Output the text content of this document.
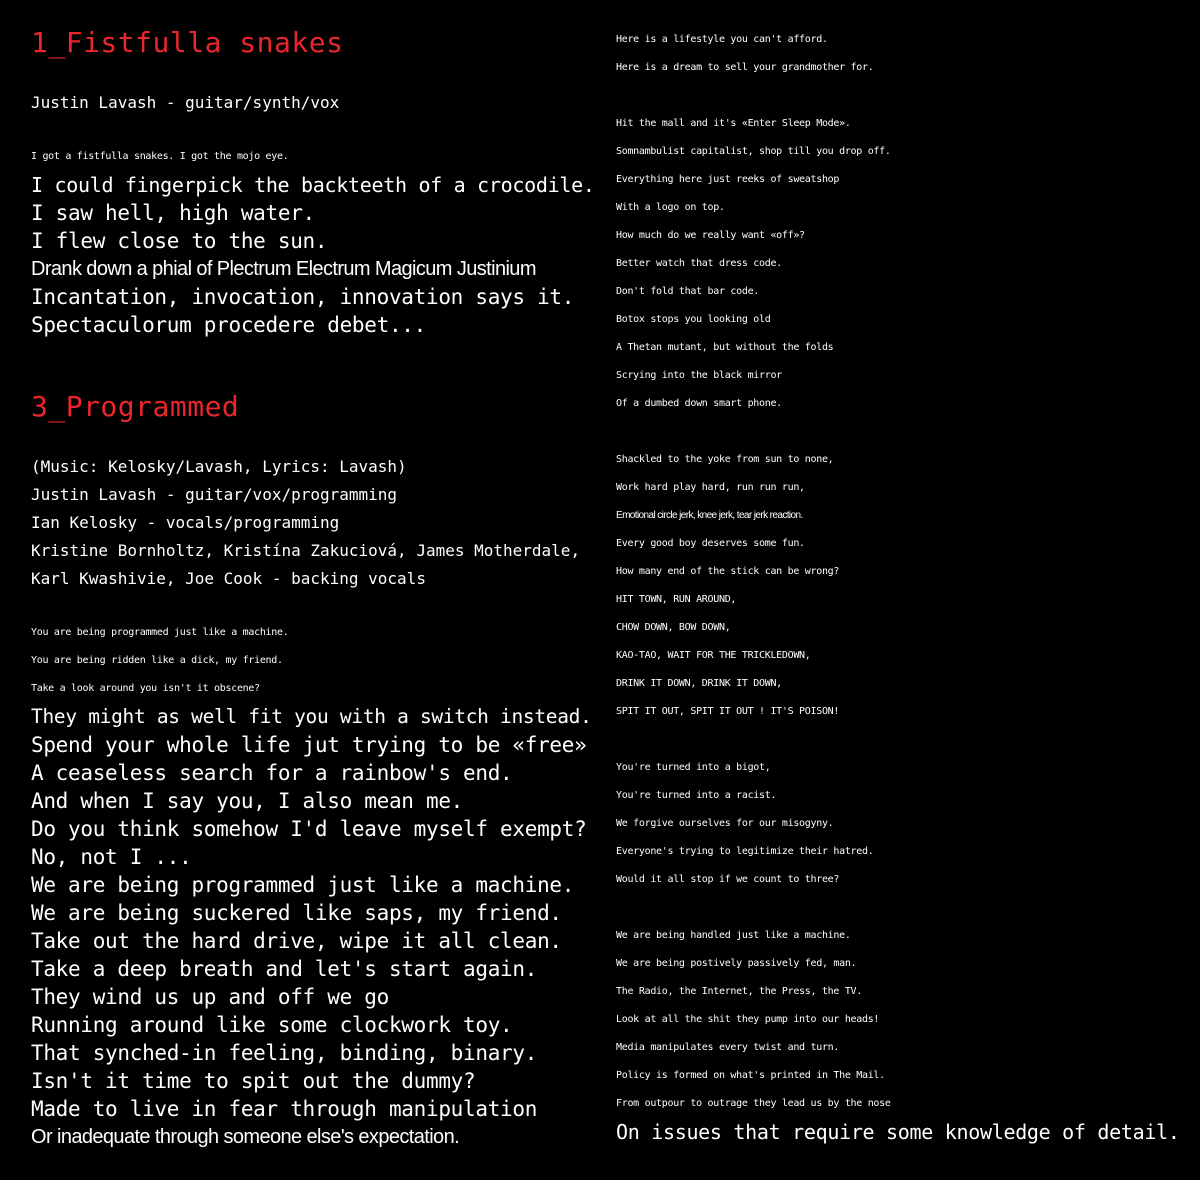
1_Fistfulla snakes
Justin Lavash - guitar/synth/vox
I got a fistfulla snakes. I got the mojo eye.
I could fingerpick the backteeth of a crocodile.
I saw hell, high water.
I flew close to the sun.
Drank down a phial of Plectrum Electrum Magicum Justinium
Incantation, invocation, innovation says it.
Spectaculorum procedere debet...
3_Programmed
(Music: Kelosky/Lavash, Lyrics: Lavash)
Justin Lavash - guitar/vox/programming
Ian Kelosky - vocals/programming
Kristine Bornholtz, Kristína Zakuciová, James Motherdale,
Karl Kwashivie, Joe Cook - backing vocals
You are being programmed just like a machine.
You are being ridden like a dick, my friend.
Take a look around you isn't it obscene?
They might as well fit you with a switch instead.
Spend your whole life jut trying to be «free»
A ceaseless search for a rainbow's end.
And when I say you, I also mean me.
Do you think somehow I'd leave myself exempt?
No, not I ...
We are being programmed just like a machine.
We are being suckered like saps, my friend.
Take out the hard drive, wipe it all clean.
Take a deep breath and let's start again.
They wind us up and off we go
Running around like some clockwork toy.
That synched-in feeling, binding, binary.
Isn't it time to spit out the dummy?
Made to live in fear through manipulation
Or inadequate through someone else's expectation.
Here is a lifestyle you can't afford.
Here is a dream to sell your grandmother for.
Hit the mall and it's «Enter Sleep Mode».
Somnambulist capitalist, shop till you drop off.
Everything here just reeks of sweatshop
With a logo on top.
How much do we really want «off»?
Better watch that dress code.
Don't fold that bar code.
Botox stops you looking old
A Thetan mutant, but without the folds
Scrying into the black mirror
Of a dumbed down smart phone.
Shackled to the yoke from sun to none,
Work hard play hard, run run run,
Emotional circle jerk, knee jerk, tear jerk reaction.
Every good boy deserves some fun.
How many end of the stick can be wrong?
HIT TOWN, RUN AROUND,
CHOW DOWN, BOW DOWN,
KAO-TAO, WAIT FOR THE TRICKLEDOWN,
DRINK IT DOWN, DRINK IT DOWN,
SPIT IT OUT, SPIT IT OUT ! IT'S POISON!
You're turned into a bigot,
You're turned into a racist.
We forgive ourselves for our misogyny.
Everyone's trying to legitimize their hatred.
Would it all stop if we count to three?
We are being handled just like a machine.
We are being postively passively fed, man.
The Radio, the Internet, the Press, the TV.
Look at all the shit they pump into our heads!
Media manipulates every twist and turn.
Policy is formed on what's printed in The Mail.
From outpour to outrage they lead us by the nose
On issues that require some knowledge of detail.
